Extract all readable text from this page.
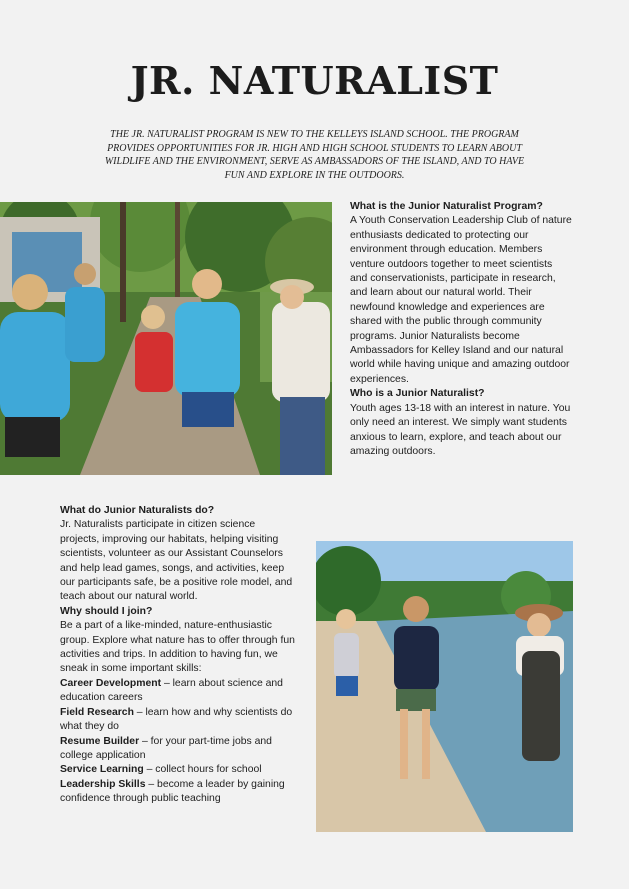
JR. NATURALIST
THE JR. NATURALIST PROGRAM IS NEW TO THE KELLEYS ISLAND SCHOOL. THE PROGRAM PROVIDES OPPORTUNITIES FOR JR. HIGH AND HIGH SCHOOL STUDENTS TO LEARN ABOUT WILDLIFE AND THE ENVIRONMENT, SERVE AS AMBASSADORS OF THE ISLAND, AND TO HAVE FUN AND EXPLORE IN THE OUTDOORS.
What is the Junior Naturalist Program?
A Youth Conservation Leadership Club of nature enthusiasts dedicated to protecting our environment through education. Members venture outdoors together to meet scientists and conservationists, participate in research, and learn about our natural world. Their newfound knowledge and experiences are shared with the public through community programs. Junior Naturalists become Ambassadors for Kelley Island and our natural world while having unique and amazing outdoor experiences.
Who is a Junior Naturalist?
Youth ages 13-18 with an interest in nature. You only need an interest. We simply want students anxious to learn, explore, and teach about our amazing outdoors.
What do Junior Naturalists do?
Jr. Naturalists participate in citizen science projects, improving our habitats, helping visiting scientists, volunteer as our Assistant Counselors and help lead games, songs, and activities, keep our participants safe, be a positive role model, and teach about our natural world.
Why should I join?
Be a part of a like-minded, nature-enthusiastic group. Explore what nature has to offer through fun activities and trips. In addition to having fun, we sneak in some important skills:
Career Development – learn about science and education careers
Field Research – learn how and why scientists do what they do
Resume Builder – for your part-time jobs and college application
Service Learning – collect hours for school
Leadership Skills – become a leader by gaining confidence through public teaching
